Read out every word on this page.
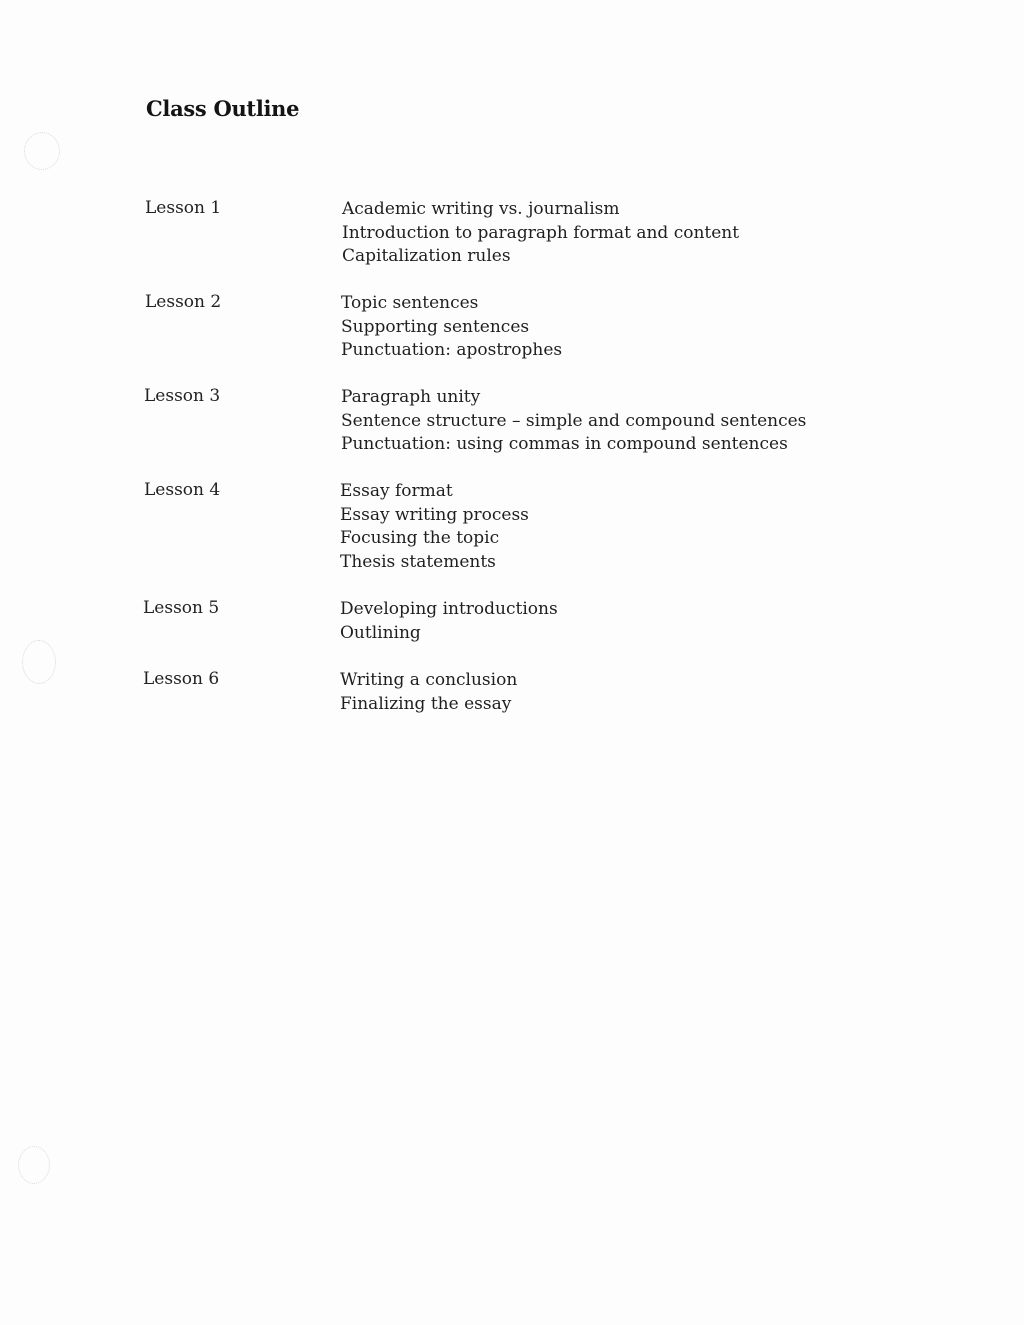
Class Outline
Lesson 1	Academic writing vs. journalism
Introduction to paragraph format and content
Capitalization rules
Lesson 2	Topic sentences
Supporting sentences
Punctuation: apostrophes
Lesson 3	Paragraph unity
Sentence structure – simple and compound sentences
Punctuation: using commas in compound sentences
Lesson 4	Essay format
Essay writing process
Focusing the topic
Thesis statements
Lesson 5	Developing introductions
Outlining
Lesson 6	Writing a conclusion
Finalizing the essay
